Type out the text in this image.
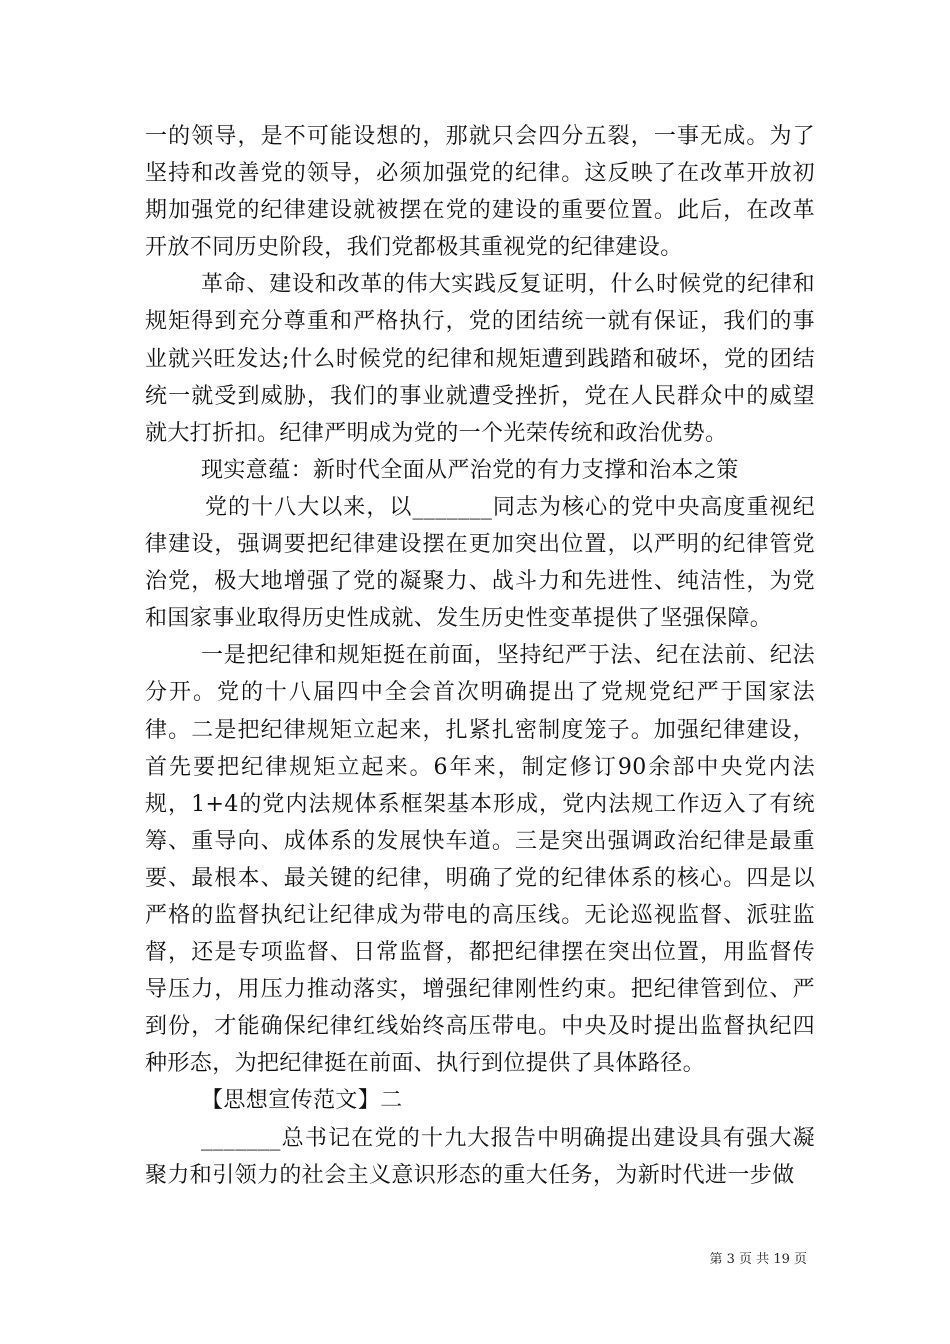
一的领导，是不可能设想的，那就只会四分五裂，一事无成。为了坚持和改善党的领导，必须加强党的纪律。这反映了在改革开放初期加强党的纪律建设就被摆在党的建设的重要位置。此后，在改革开放不同历史阶段，我们党都极其重视党的纪律建设。

革命、建设和改革的伟大实践反复证明，什么时候党的纪律和规矩得到充分尊重和严格执行，党的团结统一就有保证，我们的事业就兴旺发达;什么时候党的纪律和规矩遭到践踏和破坏，党的团结统一就受到威胁，我们的事业就遭受挫折，党在人民群众中的威望就大打折扣。纪律严明成为党的一个光荣传统和政治优势。

现实意蕴：新时代全面从严治党的有力支撑和治本之策

党的十八大以来，以_______同志为核心的党中央高度重视纪律建设，强调要把纪律建设摆在更加突出位置，以严明的纪律管党治党，极大地增强了党的凝聚力、战斗力和先进性、纯洁性，为党和国家事业取得历史性成就、发生历史性变革提供了坚强保障。

一是把纪律和规矩挺在前面，坚持纪严于法、纪在法前、纪法分开。党的十八届四中全会首次明确提出了党规党纪严于国家法律。二是把纪律规矩立起来，扎紧扎密制度笼子。加强纪律建设，首先要把纪律规矩立起来。6年来，制定修订90余部中央党内法规，1+4的党内法规体系框架基本形成，党内法规工作迈入了有统筹、重导向、成体系的发展快车道。三是突出强调政治纪律是最重要、最根本、最关键的纪律，明确了党的纪律体系的核心。四是以严格的监督执纪让纪律成为带电的高压线。无论巡视监督、派驻监督，还是专项监督、日常监督，都把纪律摆在突出位置，用监督传导压力，用压力推动落实，增强纪律刚性约束。把纪律管到位、严到份，才能确保纪律红线始终高压带电。中央及时提出监督执纪四种形态，为把纪律挺在前面、执行到位提供了具体路径。

【思想宣传范文】二

_______总书记在党的十九大报告中明确提出建设具有强大凝聚力和引领力的社会主义意识形态的重大任务，为新时代进一步做

第 3 页 共 19 页
